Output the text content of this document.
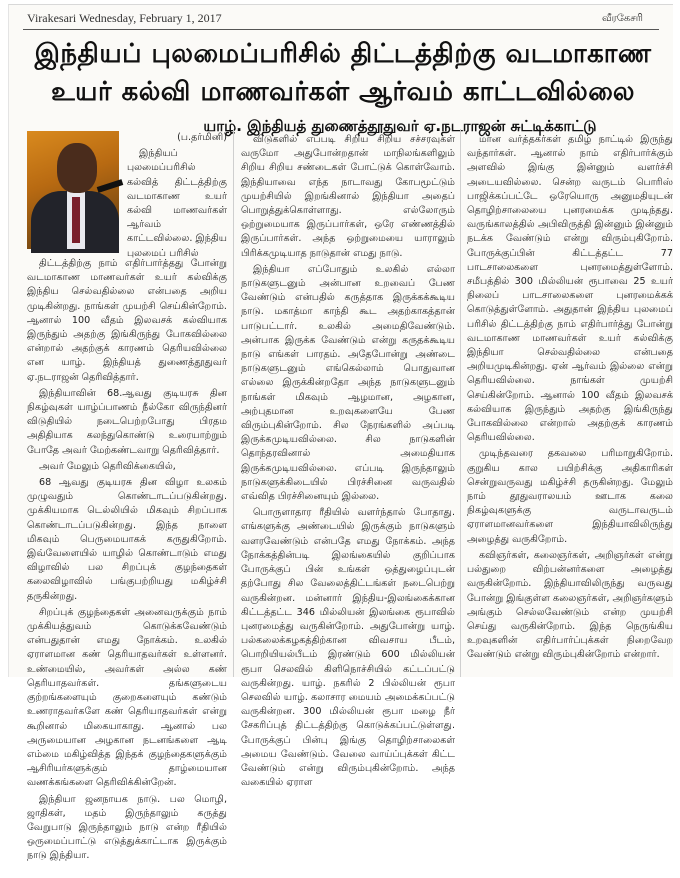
Virakesari Wednesday, February 1, 2017	வீரகேசரி
இந்தியப் புலமைப்பரிசில் திட்டத்திற்கு வடமாகாண
உயர் கல்வி மாணவர்கள் ஆர்வம் காட்டவில்லை
யாழ். இந்தியத் துணைத்தூதுவர் ஏ.நடராஜன் சுட்டிக்காட்டு
(ப.தர்மினி)

இந்தியப் புலமைப்பரிசில் கல்வித் திட்டத்திற்கு வடமாகாண உயர் கல்வி மாணவர்கள் ஆர்வம் காட்டவில்லை. இந்திய புலமைப் பரிசில்

திட்டத்திற்கு நாம் எதிர்பார்த்தது போன்று வடமாகாண மாணவர்கள் உயர் கல்விக்கு இந்திய செல்வதில்லை என்பதை அறிய முடிகின்றது. நாங்கள் முயற்சி செய்கின்றோம். ஆனால் 100 வீதம் இலவசக் கல்வியாக இருந்தும் அதற்கு இங்கிருந்து போகவில்லை என்றால் அதற்குக் காரணம் தெரியவில்லை என யாழ். இந்தியத் துணைத்தூதுவர் ஏ.நடராஜன் தெரிவித்தார்.

இந்தியாவின் 68.ஆவது குடியரசு தின நிகழ்வுகள் யாழ்ப்பாணம் நீல்கோ விருந்தினர் விடுதியில் நடைபெற்றபோது பிரதம அதிதியாக கலந்துகொண்டு உரையாற்றும் போதே அவர் மேற்கண்டவாறு தெரிவித்தார்.

அவர் மேலும் தெரிவிக்கையில்,

68 ஆவது குடியரசு தின விழா உலகம் முழுவதும் கொண்டாடப்படுகின்றது. முக்கியமாக டெல்லியில் மிகவும் சிறப்பாக கொண்டாடப்படுகின்றது. இந்த நாளை மிகவும் பெருமையாகக் கருதுகிறோம். இவ்வேளையில் யாழில் கொண்டாடும் எமது விழாவில் பல சிறப்புக் குழந்தைகள் கலைவிழாவில் பங்குபற்றியது மகிழ்ச்சி தருகின்றது.

சிறப்புக் குழந்தைகள் அனைவருக்கும் நாம் முக்கியத்துவம் கொடுக்கவேண்டும் என்பதுதான் எமது நோக்கம். உலகில் ஏராளமான கண் தெரியாதவர்கள் உள்ளனர். உண்மையில், அவர்கள் அல்ல கண் தெரியாதவர்கள். தங்களுடைய குற்றங்களையும் குறைகளையும் கண்டும் உணராதவர்களே கண் தெரியாதவர்கள் என்று கூறினால் மிகையாகாது. ஆனால் பல அருமையான அழகான நடனங்களை ஆடி எம்மை மகிழ்வித்த இந்தக் குழந்தைகளுக்கும் ஆசிரியர்களுக்கும் தாழ்மையான வணக்கங்களை தெரிவிக்கின்றேன்.

இந்தியா ஜனநாயக நாடு. பல மொழி, ஜாதிகள், மதம் இருந்தாலும் கருத்து வேறுபாடு இருந்தாலும் நாடு என்ற ரீதியில் ஒருமைப்பாட்டு எடுத்துக்காட்டாக இருக்கும் நாடு இந்தியா.

விடுகளில் எப்படி சிறிய சிறிய சச்சரவுகள் வருமோ அதுபோன்றதான் மாநிலங்களிலும் சிறிய சிறிய சண்டைகள் போட்டுக் கொள்வோம். இந்தியாவை எந்த நாடாவது கோபமூட்டும் முயற்சியில் இறங்கினால் இந்தியா அதைப் பொறுத்துக்கொள்ளாது. எல்லோரும் ஒற்றுமையாக இருப்பார்கள், ஒரே எண்ணத்தில் இருப்பார்கள். அந்த ஒற்றுமையை யாராலும் பிரிக்கமுடியாத நாடுதான் எமது நாடு.

இந்தியா எப்போதும் உலகில் எல்லா நாடுகளுடனும் அன்பான உறவைப் பேண வேண்டும் என்பதில் கருத்தாக இருக்கக்கூடிய நாடு. மகாத்மா காந்தி கூட அதற்காகத்தான் பாடுபட்டார். உலகில் அமைதிவேண்டும். அன்பாக இருக்க வேண்டும் என்று கருதக்கூடிய நாடு எங்கள் பாரதம். அதேபோன்று அண்டை நாடுகளுடனும் எங்கெல்லாம் பொதுவான எல்லை இருக்கின்றதோ அந்த நாடுகளுடனும் நாங்கள் மிகவும் ஆழமான, அழகான, அற்புதமான உறவுகளையே பேண விரும்புகின்றோம். சில நேரங்களில் அப்படி இருக்கமுடியவில்லை. சில நாடுகளின் தொந்தரவினால் அமைதியாக இருக்கமுடியவில்லை. எப்படி இருந்தாலும் நாடுகளுக்கிடையில் பிரச்சினை வருவதில் எவ்வித பிரச்சினையும் இல்லை.

பொருளாதார ரீதியில் வளர்ந்தால் போதாது. எங்களுக்கு அண்டையில் இருக்கும் நாடுகளும் வளரவேண்டும் என்பதே எமது நோக்கம். அந்த நோக்கத்தின்படி இலங்கையில் குறிப்பாக போருக்குப் பின் உங்கள் ஒத்துழைப்புடன் தற்போது சில வேலைத்திட்டங்கள் நடைபெற்று வருகின்றன. மன்னார் இந்திய-இலங்கைக்கான கிட்டத்தட்ட 346 மில்லியன் இலங்கை ரூபாவில் புனரமைத்து வருகின்றோம். அதுபோன்று யாழ். பல்கலைக்கழகத்திற்கான விவசாய பீடம், பொறியியல்பீடம் இரண்டும் 600 மில்லியன் ரூபா செலவில் கிளிநொச்சியில் கட்டப்பட்டு வருகின்றது. யாழ். நகரில் 2 பில்லியன் ரூபா செலவில் யாழ். கலாசார மையம் அமைக்கப்பட்டு வருகின்றன. 300 மில்லியன் ரூபா மழை நீர் சேகரிப்புத் திட்டத்திற்கு கொடுக்கப்பட்டுள்ளது. போருக்குப் பின்பு இங்கு தொழிற்சாலைகள் அமைய வேண்டும். வேலை வாய்ப்புக்கள் கிட்ட வேண்டும் என்று விரும்புகின்றோம். அந்த வகையில் ஏராள

மான வர்த்தகர்கள் தமிழ் நாட்டில் இருந்து வந்தார்கள். ஆனால் நாம் எதிர்பார்க்கும் அளவில் இங்கு இன்னும் வளர்ச்சி அடையவில்லை. சென்ற வருடம் பொரிஸ் பாஜிக்கப்பட்டே ஒரேயொரு அனுமதியுடன் தொழிற்சாலையை புனரமைக்க முடிந்தது. வருங்காலத்தில் அபிவிருத்தி இன்னும் இன்னும் நடக்க வேண்டும் என்று விரும்புகிறோம். போருக்குப்பின் கிட்டத்தட்ட 77 பாடசாலைகளை புனரமைத்துள்ளோம். சமீபத்தில் 300 மில்லியன் ரூபாவை 25 உயர் நிலைப் பாடசாலைகளை புனரமைக்கக் கொடுத்துள்ளோம். அதுதான் இந்திய புலமைப் பரிசில் திட்டத்திற்கு நாம் எதிர்பார்த்து போன்று வடமாகாண மாணவர்கள் உயர் கல்விக்கு இந்தியா செல்வதில்லை என்பதை அறியமுடிகின்றது. ஏன் ஆர்வம் இல்லை என்று தெரியவில்லை. நாங்கள் முயற்சி செய்கின்றோம். ஆனால் 100 வீதம் இலவசக் கல்வியாக இருந்தும் அதற்கு இங்கிருந்து போகவில்லை என்றால் அதற்குக் காரணம் தெரியவில்லை.

முடிந்தவரை தகவலை பரிமாறுகிறோம். குறுகிய கால பயிற்சிக்கு அதிகாரிகள் சென்றுவருவது மகிழ்ச்சி தருகின்றது. மேலும் நாம் தூதுவராலயம் ஊடாக கலை நிகழ்வுகளுக்கு வருடாவருடம் ஏராளமானவர்களை இந்தியாவிலிருந்து அழைத்து வருகிறோம்.

கவிஞர்கள், கலைஞர்கள், அறிஞர்கள் என்று பல்துறை விற்பன்னர்களை அழைத்து வருகின்றோம். இந்தியாவிலிருந்து வருவது போன்று இங்குள்ள கலைஞர்கள், அறிஞர்களும் அங்கும் செல்லவேண்டும் என்ற முயற்சி செய்து வருகின்றோம். இந்த நெருங்கிய உறவுகளின் எதிர்பார்ப்புக்கள் நிறைவேற வேண்டும் என்று விரும்புகின்றோம் என்றார்.
